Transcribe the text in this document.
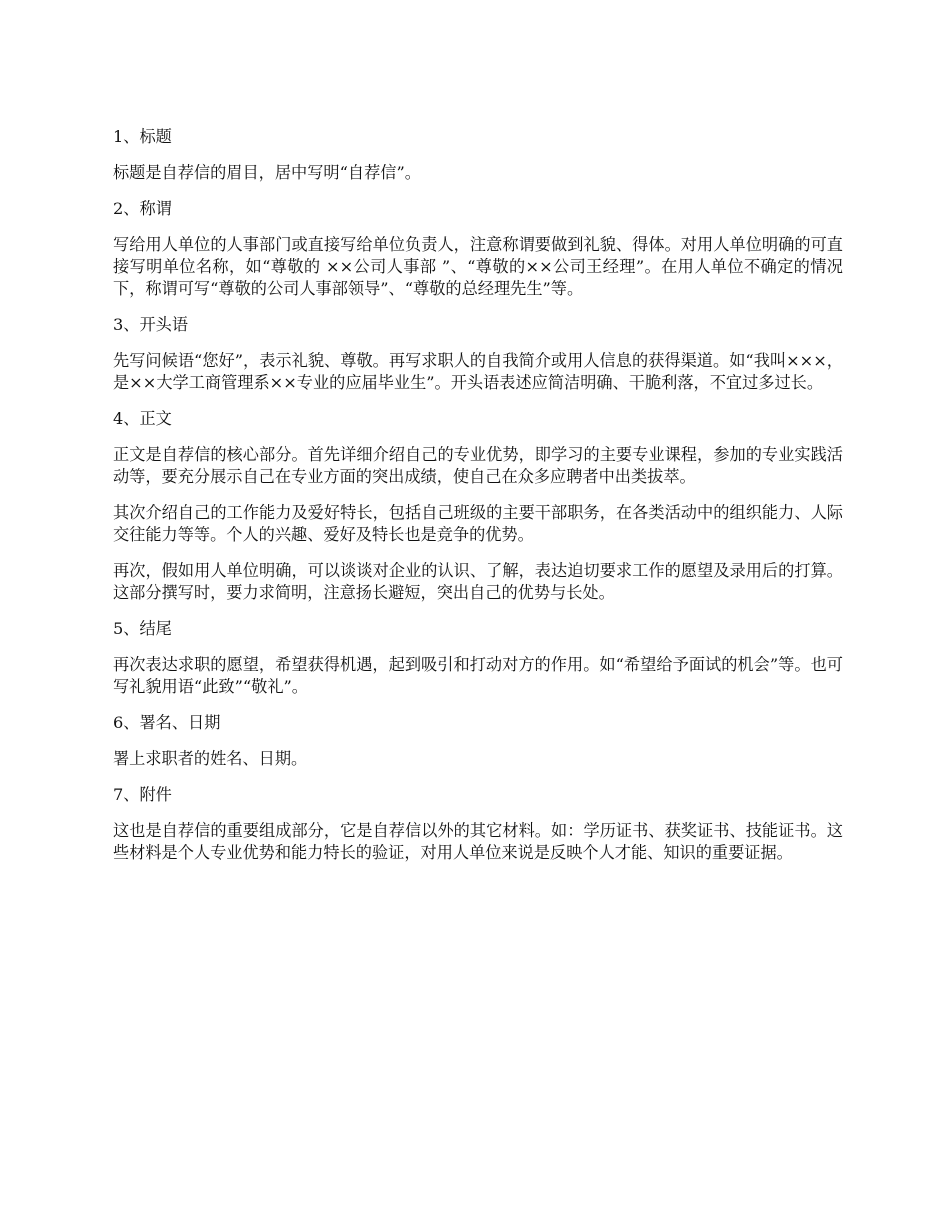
1、标题

标题是自荐信的眉目，居中写明“自荐信”。

2、称谓

写给用人单位的人事部门或直接写给单位负责人，注意称谓要做到礼貌、得体。对用人单位明确的可直接写明单位名称，如“尊敬的 ××公司人事部 ”、“尊敬的××公司王经理”。在用人单位不确定的情况下，称谓可写“尊敬的公司人事部领导”、“尊敬的总经理先生”等。

3、开头语

先写问候语“您好”，表示礼貌、尊敬。再写求职人的自我简介或用人信息的获得渠道。如“我叫×××，是××大学工商管理系××专业的应届毕业生”。开头语表述应简洁明确、干脆利落，不宜过多过长。

4、正文

正文是自荐信的核心部分。首先详细介绍自己的专业优势，即学习的主要专业课程，参加的专业实践活动等，要充分展示自己在专业方面的突出成绩，使自己在众多应聘者中出类拔萃。

其次介绍自己的工作能力及爱好特长，包括自己班级的主要干部职务，在各类活动中的组织能力、人际交往能力等等。个人的兴趣、爱好及特长也是竞争的优势。

再次，假如用人单位明确，可以谈谈对企业的认识、了解，表达迫切要求工作的愿望及录用后的打算。这部分撰写时，要力求简明，注意扬长避短，突出自己的优势与长处。

5、结尾

再次表达求职的愿望，希望获得机遇，起到吸引和打动对方的作用。如“希望给予面试的机会”等。也可写礼貌用语“此致”“敬礼”。

6、署名、日期

署上求职者的姓名、日期。

7、附件

这也是自荐信的重要组成部分，它是自荐信以外的其它材料。如：学历证书、获奖证书、技能证书。这些材料是个人专业优势和能力特长的验证，对用人单位来说是反映个人才能、知识的重要证据。
